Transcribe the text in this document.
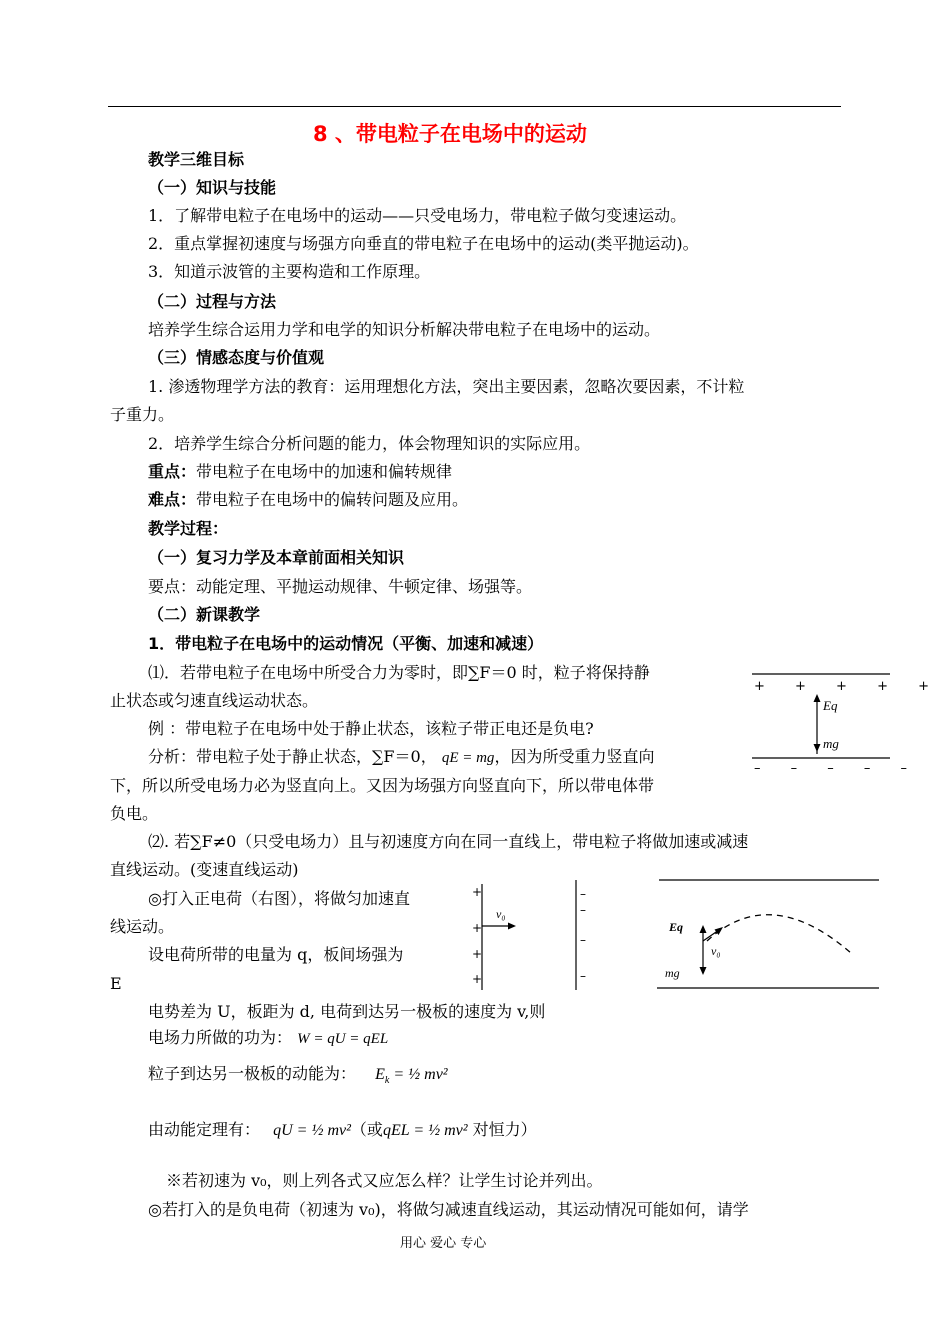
8 、带电粒子在电场中的运动
教学三维目标
（一）知识与技能
1．了解带电粒子在电场中的运动——只受电场力，带电粒子做匀变速运动。
2．重点掌握初速度与场强方向垂直的带电粒子在电场中的运动(类平抛运动)。
3．知道示波管的主要构造和工作原理。
（二）过程与方法
培养学生综合运用力学和电学的知识分析解决带电粒子在电场中的运动。
（三）情感态度与价值观
1. 渗透物理学方法的教育：运用理想化方法，突出主要因素，忽略次要因素，不计粒
子重力。
2．培养学生综合分析问题的能力，体会物理知识的实际应用。
重点：带电粒子在电场中的加速和偏转规律
难点：带电粒子在电场中的偏转问题及应用。
教学过程：
（一）复习力学及本章前面相关知识
要点：动能定理、平抛运动规律、牛顿定律、场强等。
（二）新课教学
1．带电粒子在电场中的运动情况（平衡、加速和减速）
⑴．若带电粒子在电场中所受合力为零时，即∑F＝0 时，粒子将保持静
止状态或匀速直线运动状态。
例 ：带电粒子在电场中处于静止状态，该粒子带正电还是负电?
分析：带电粒子处于静止状态，∑F＝0， qE = mg，因为所受重力竖直向
下，所以所受电场力必为竖直向上。又因为场强方向竖直向下，所以带电体带
负电。
⑵. 若∑F≠0（只受电场力）且与初速度方向在同一直线上，带电粒子将做加速或减速
直线运动。(变速直线运动)
◎打入正电荷（右图），将做匀加速直
线运动。
设电荷所带的电量为 q，板间场强为
E
电势差为 U，板距为 d, 电荷到达另一极板的速度为 v,则
电场力所做的功为： W = qU = qEL
粒子到达另一极板的动能为： $E_k$ = ½ mv²
由动能定理有： qU = ½ mv²（或qEL = ½ mv² 对恒力）
※若初速为 v₀，则上列各式又应怎么样？让学生讨论并列出。
◎若打入的是负电荷（初速为 v₀)，将做匀减速直线运动，其运动情况可能如何，请学
用心 爱心 专心
+ + + + +
– – – – –
Eq
mg
+
+
+
+
–
–
–
–
v₀
Eq
v₀
mg
